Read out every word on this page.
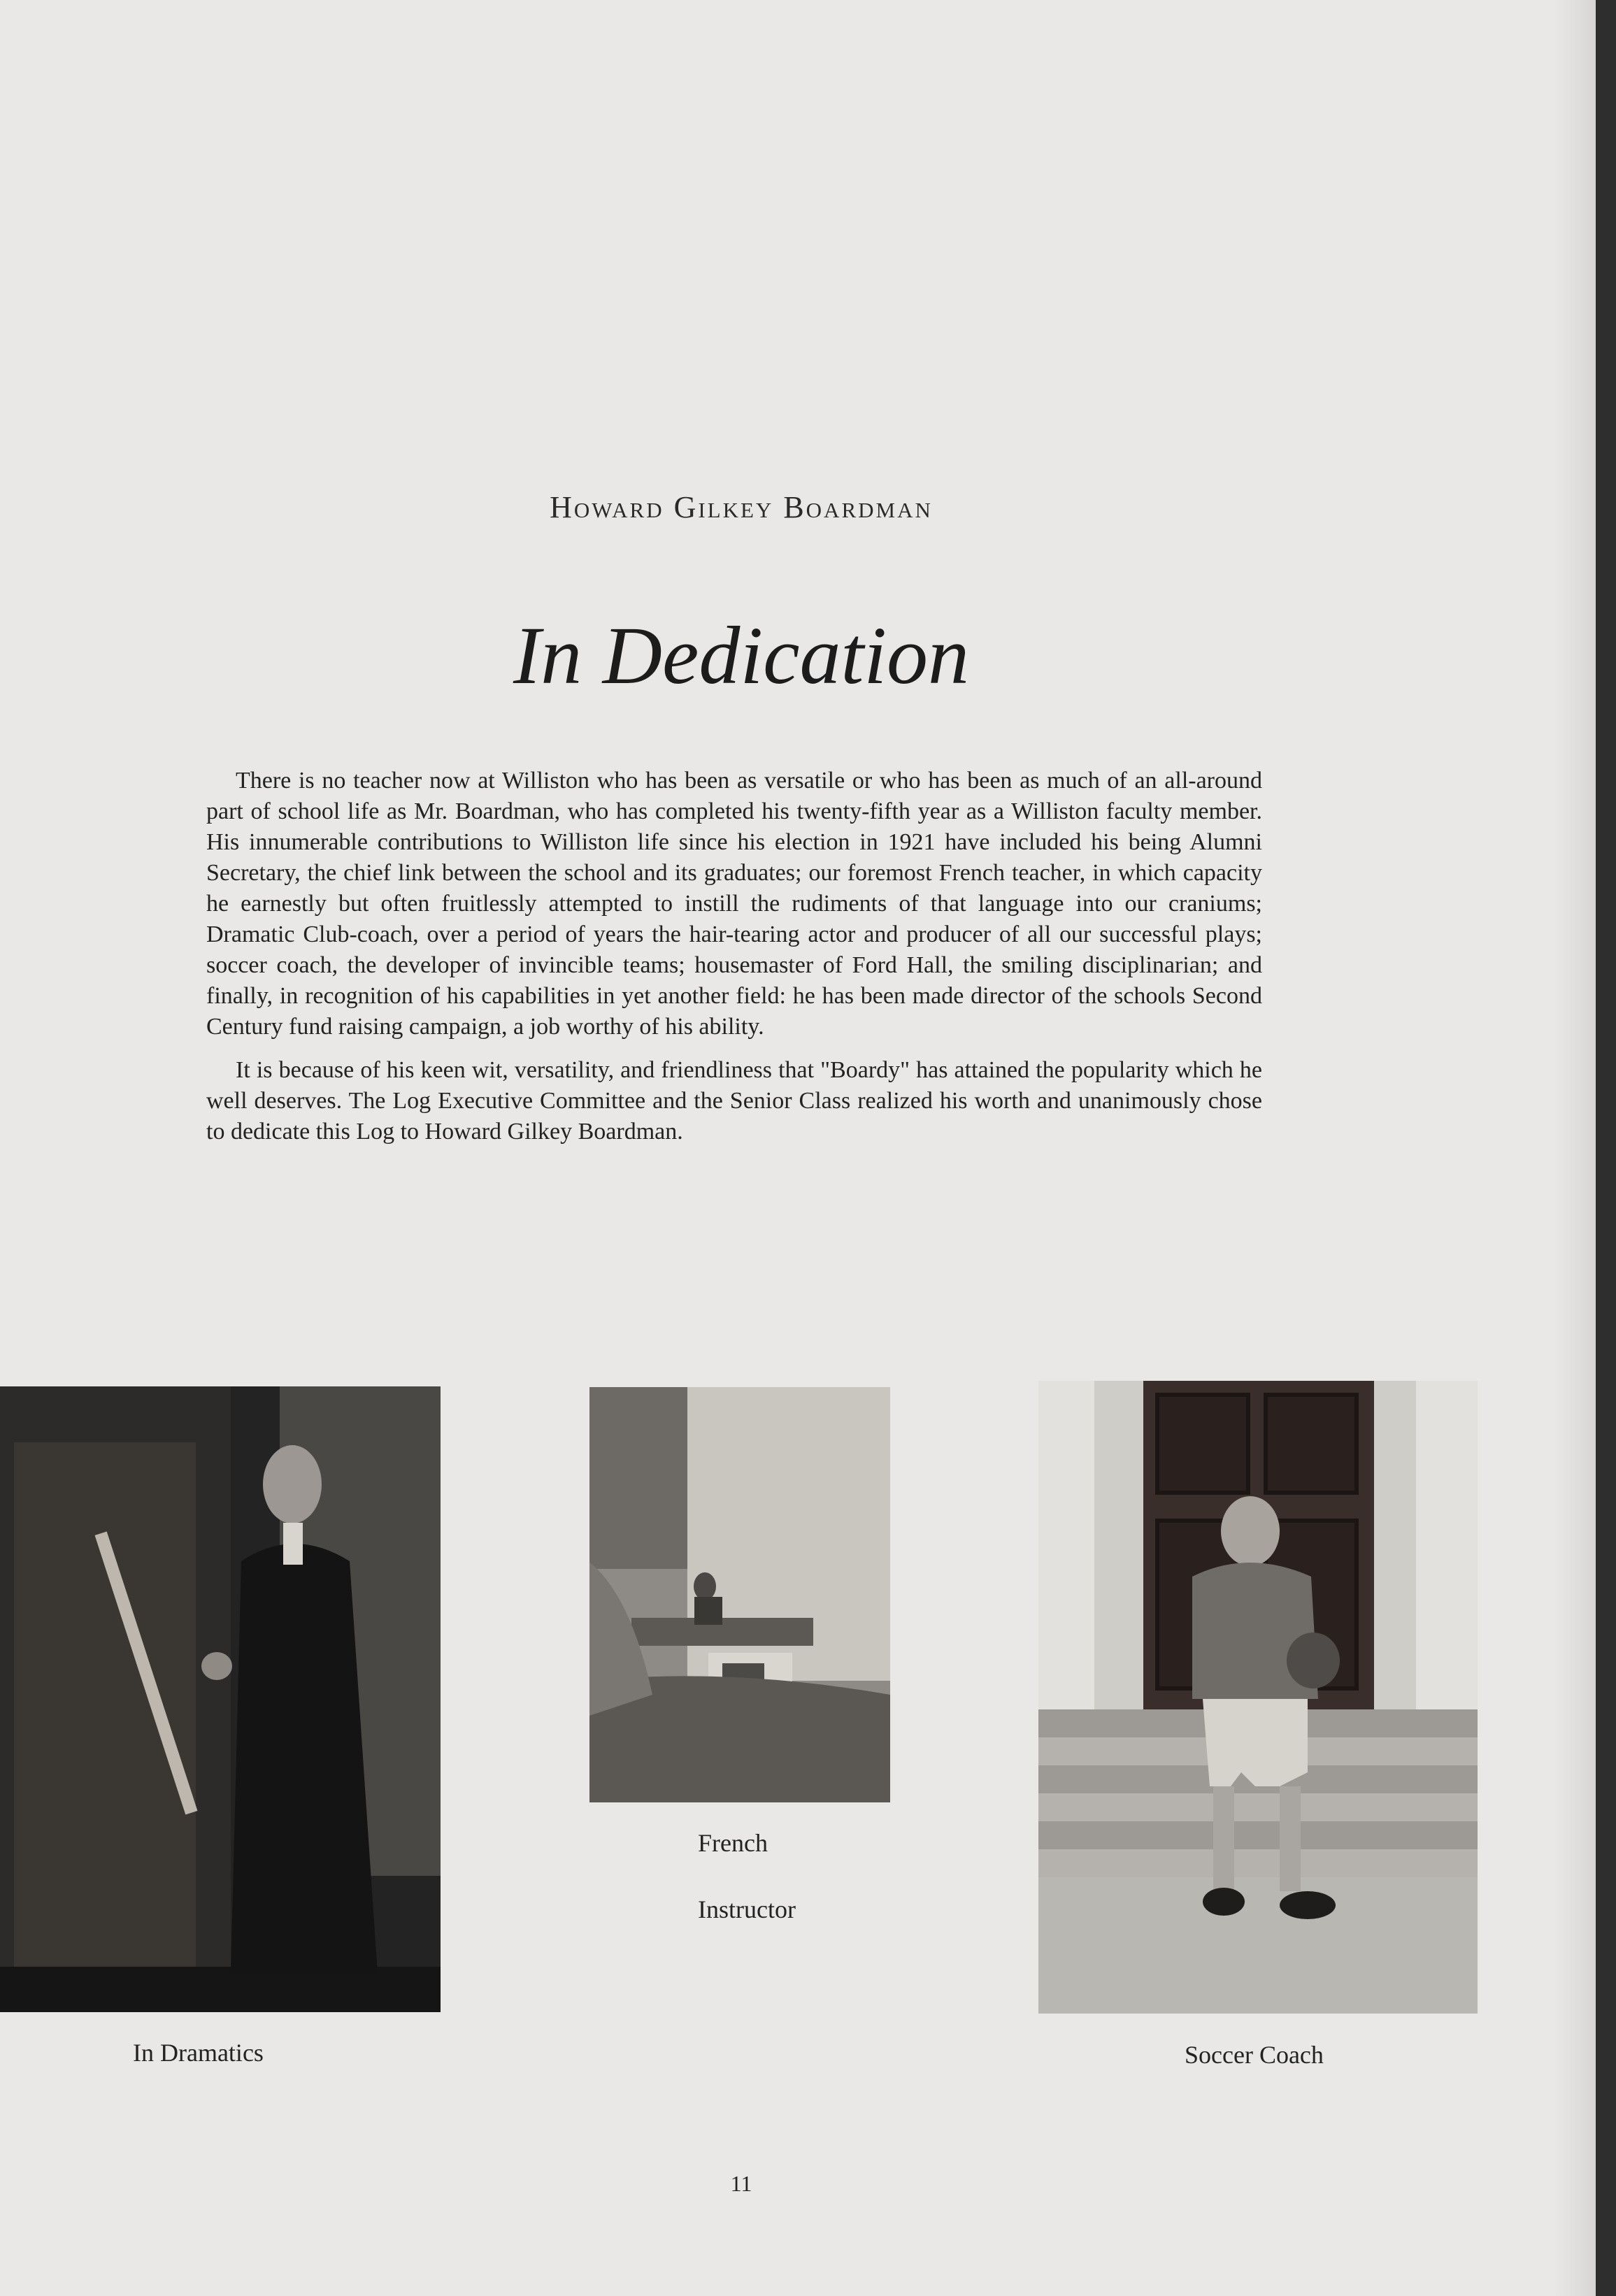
Howard Gilkey Boardman
In Dedication

There is no teacher now at Williston who has been as versatile or who has been as much of an all-around part of school life as Mr. Boardman, who has completed his twenty-fifth year as a Williston faculty member. His innumerable contributions to Williston life since his election in 1921 have included his being Alumni Secretary, the chief link between the school and its graduates; our foremost French teacher, in which capacity he earnestly but often fruitlessly attempted to instill the rudiments of that language into our craniums; Dramatic Club-coach, over a period of years the hair-tearing actor and producer of all our successful plays; soccer coach, the developer of invincible teams; housemaster of Ford Hall, the smiling disciplinarian; and finally, in recognition of his capabilities in yet another field: he has been made director of the schools Second Century fund raising campaign, a job worthy of his ability.

It is because of his keen wit, versatility, and friendliness that "Boardy" has attained the popularity which he well deserves. The Log Executive Committee and the Senior Class realized his worth and unanimously chose to dedicate this Log to Howard Gilkey Boardman.

In Dramatics
French
Instructor
Soccer Coach
11
